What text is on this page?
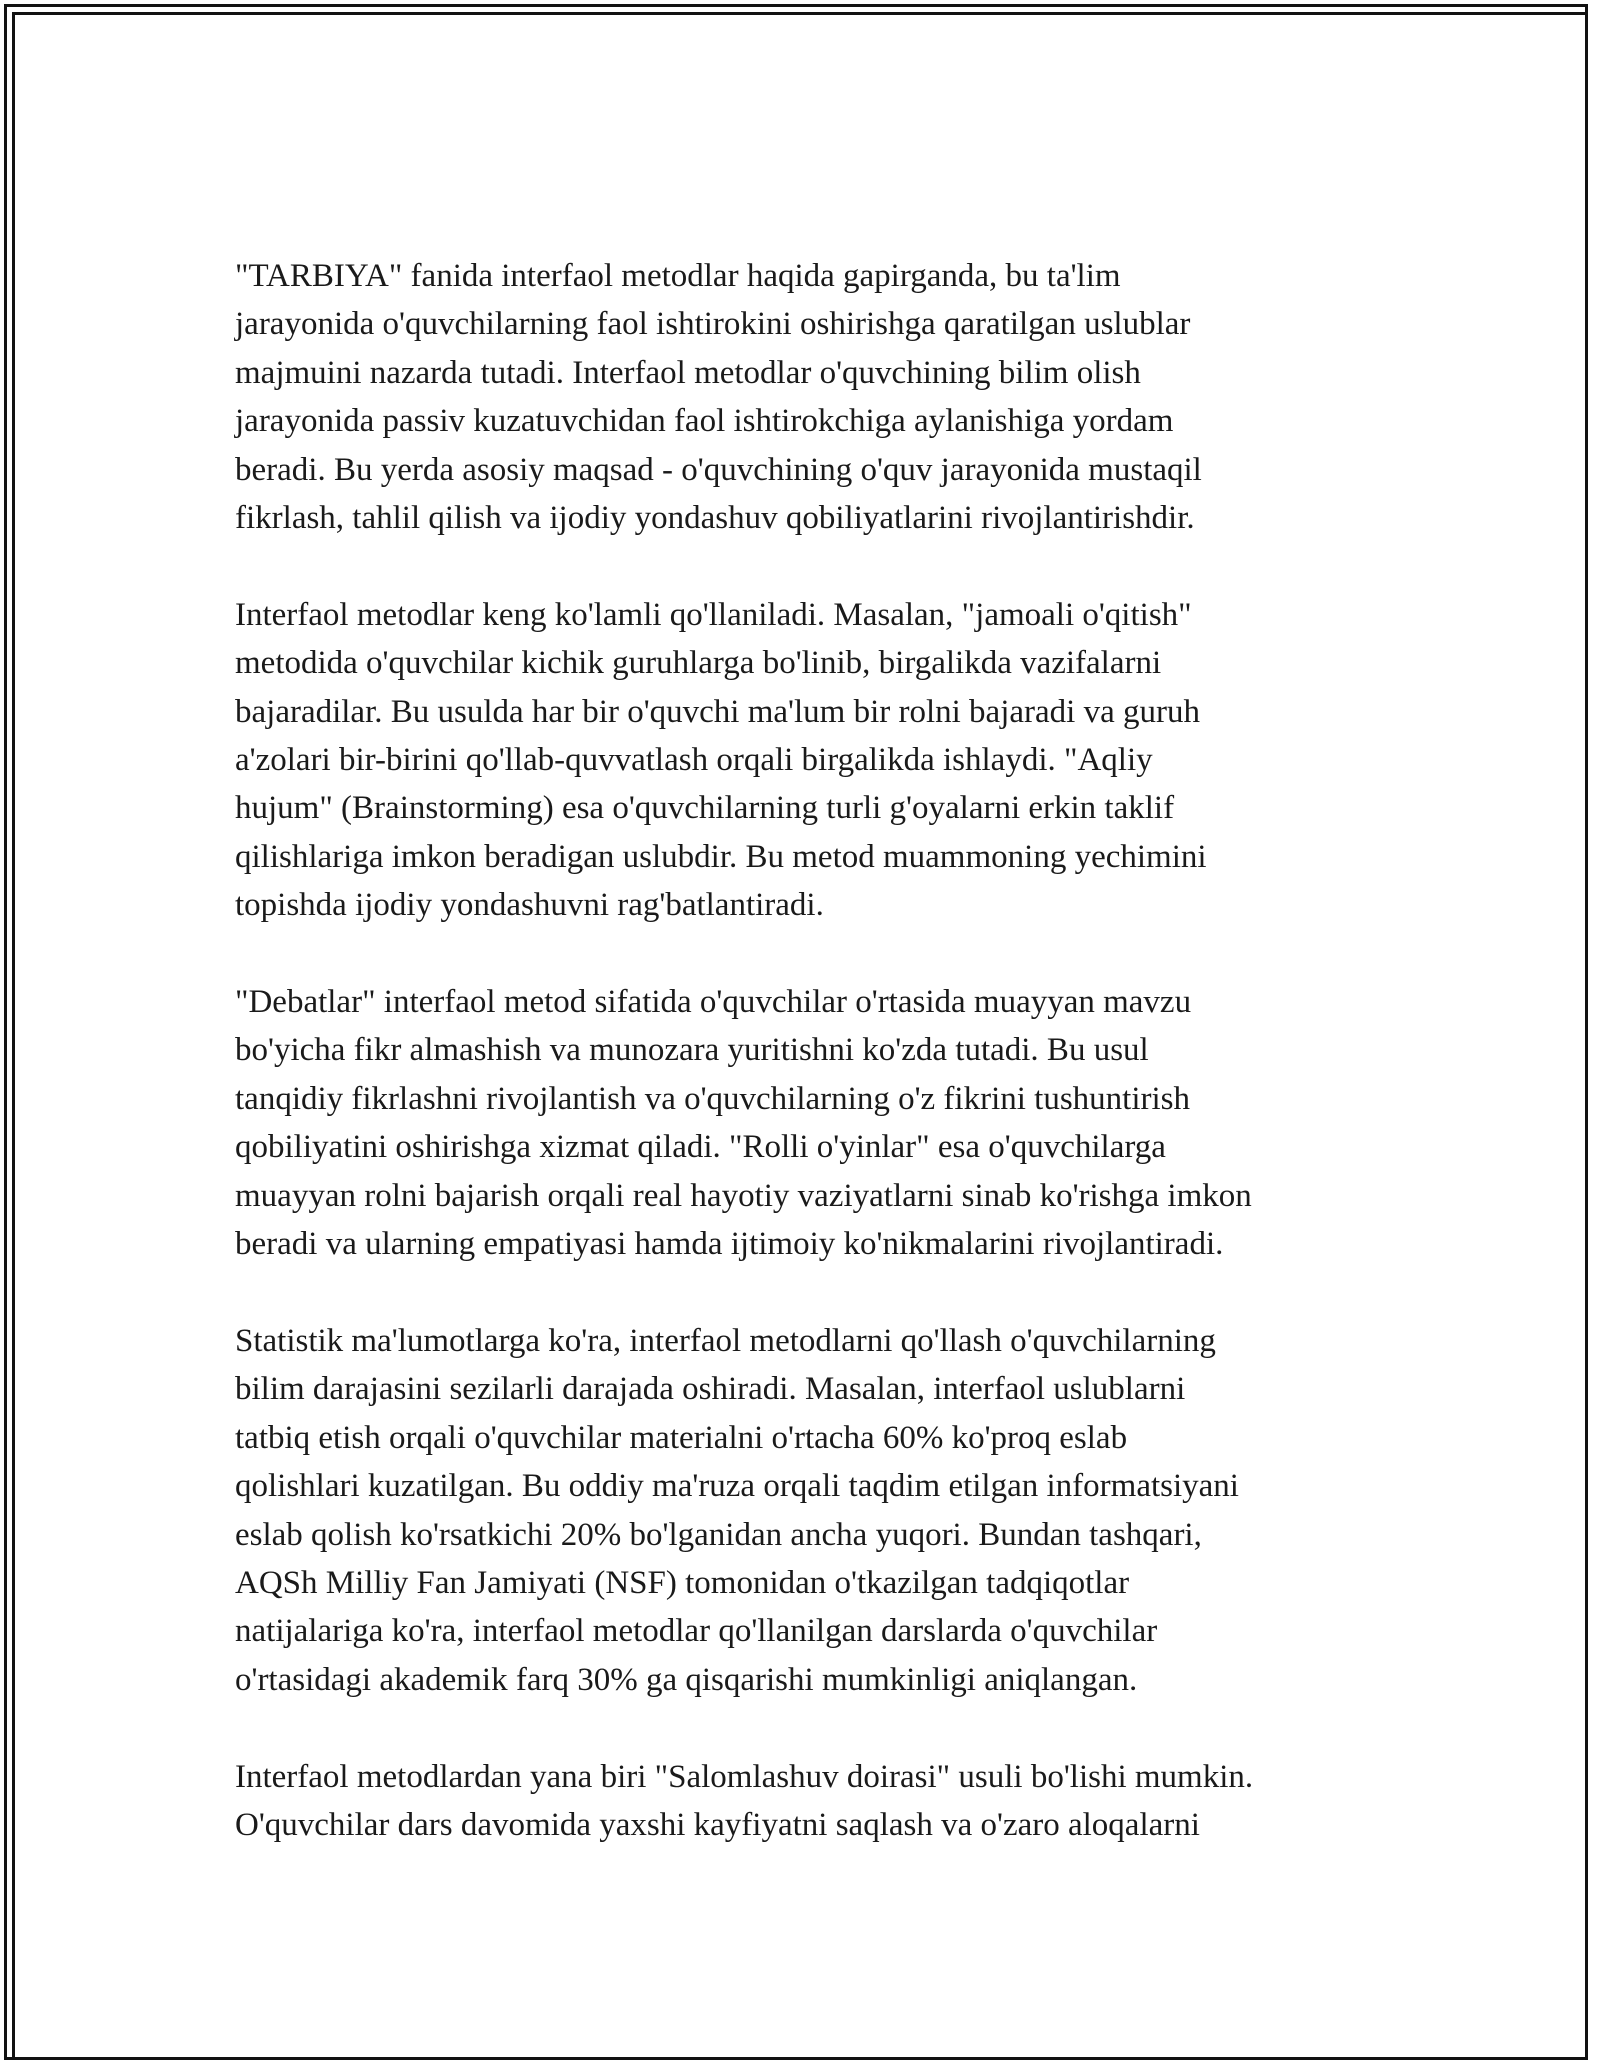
"TARBIYA" fanida interfaol metodlar haqida gapirganda, bu ta'lim
jarayonida o'quvchilarning faol ishtirokini oshirishga qaratilgan uslublar
majmuini nazarda tutadi. Interfaol metodlar o'quvchining bilim olish
jarayonida passiv kuzatuvchidan faol ishtirokchiga aylanishiga yordam
beradi. Bu yerda asosiy maqsad - o'quvchining o'quv jarayonida mustaqil
fikrlash, tahlil qilish va ijodiy yondashuv qobiliyatlarini rivojlantirishdir.

Interfaol metodlar keng ko'lamli qo'llaniladi. Masalan, "jamoali o'qitish"
metodida o'quvchilar kichik guruhlarga bo'linib, birgalikda vazifalarni
bajaradilar. Bu usulda har bir o'quvchi ma'lum bir rolni bajaradi va guruh
a'zolari bir-birini qo'llab-quvvatlash orqali birgalikda ishlaydi. "Aqliy
hujum" (Brainstorming) esa o'quvchilarning turli g'oyalarni erkin taklif
qilishlariga imkon beradigan uslubdir. Bu metod muammoning yechimini
topishda ijodiy yondashuvni rag'batlantiradi.

"Debatlar" interfaol metod sifatida o'quvchilar o'rtasida muayyan mavzu
bo'yicha fikr almashish va munozara yuritishni ko'zda tutadi. Bu usul
tanqidiy fikrlashni rivojlantish va o'quvchilarning o'z fikrini tushuntirish
qobiliyatini oshirishga xizmat qiladi. "Rolli o'yinlar" esa o'quvchilarga
muayyan rolni bajarish orqali real hayotiy vaziyatlarni sinab ko'rishga imkon
beradi va ularning empatiyasi hamda ijtimoiy ko'nikmalarini rivojlantiradi.

Statistik ma'lumotlarga ko'ra, interfaol metodlarni qo'llash o'quvchilarning
bilim darajasini sezilarli darajada oshiradi. Masalan, interfaol uslublarni
tatbiq etish orqali o'quvchilar materialni o'rtacha 60% ko'proq eslab
qolishlari kuzatilgan. Bu oddiy ma'ruza orqali taqdim etilgan informatsiyani
eslab qolish ko'rsatkichi 20% bo'lganidan ancha yuqori. Bundan tashqari,
AQSh Milliy Fan Jamiyati (NSF) tomonidan o'tkazilgan tadqiqotlar
natijalariga ko'ra, interfaol metodlar qo'llanilgan darslarda o'quvchilar
o'rtasidagi akademik farq 30% ga qisqarishi mumkinligi aniqlangan.

Interfaol metodlardan yana biri "Salomlashuv doirasi" usuli bo'lishi mumkin.
O'quvchilar dars davomida yaxshi kayfiyatni saqlash va o'zaro aloqalarni
